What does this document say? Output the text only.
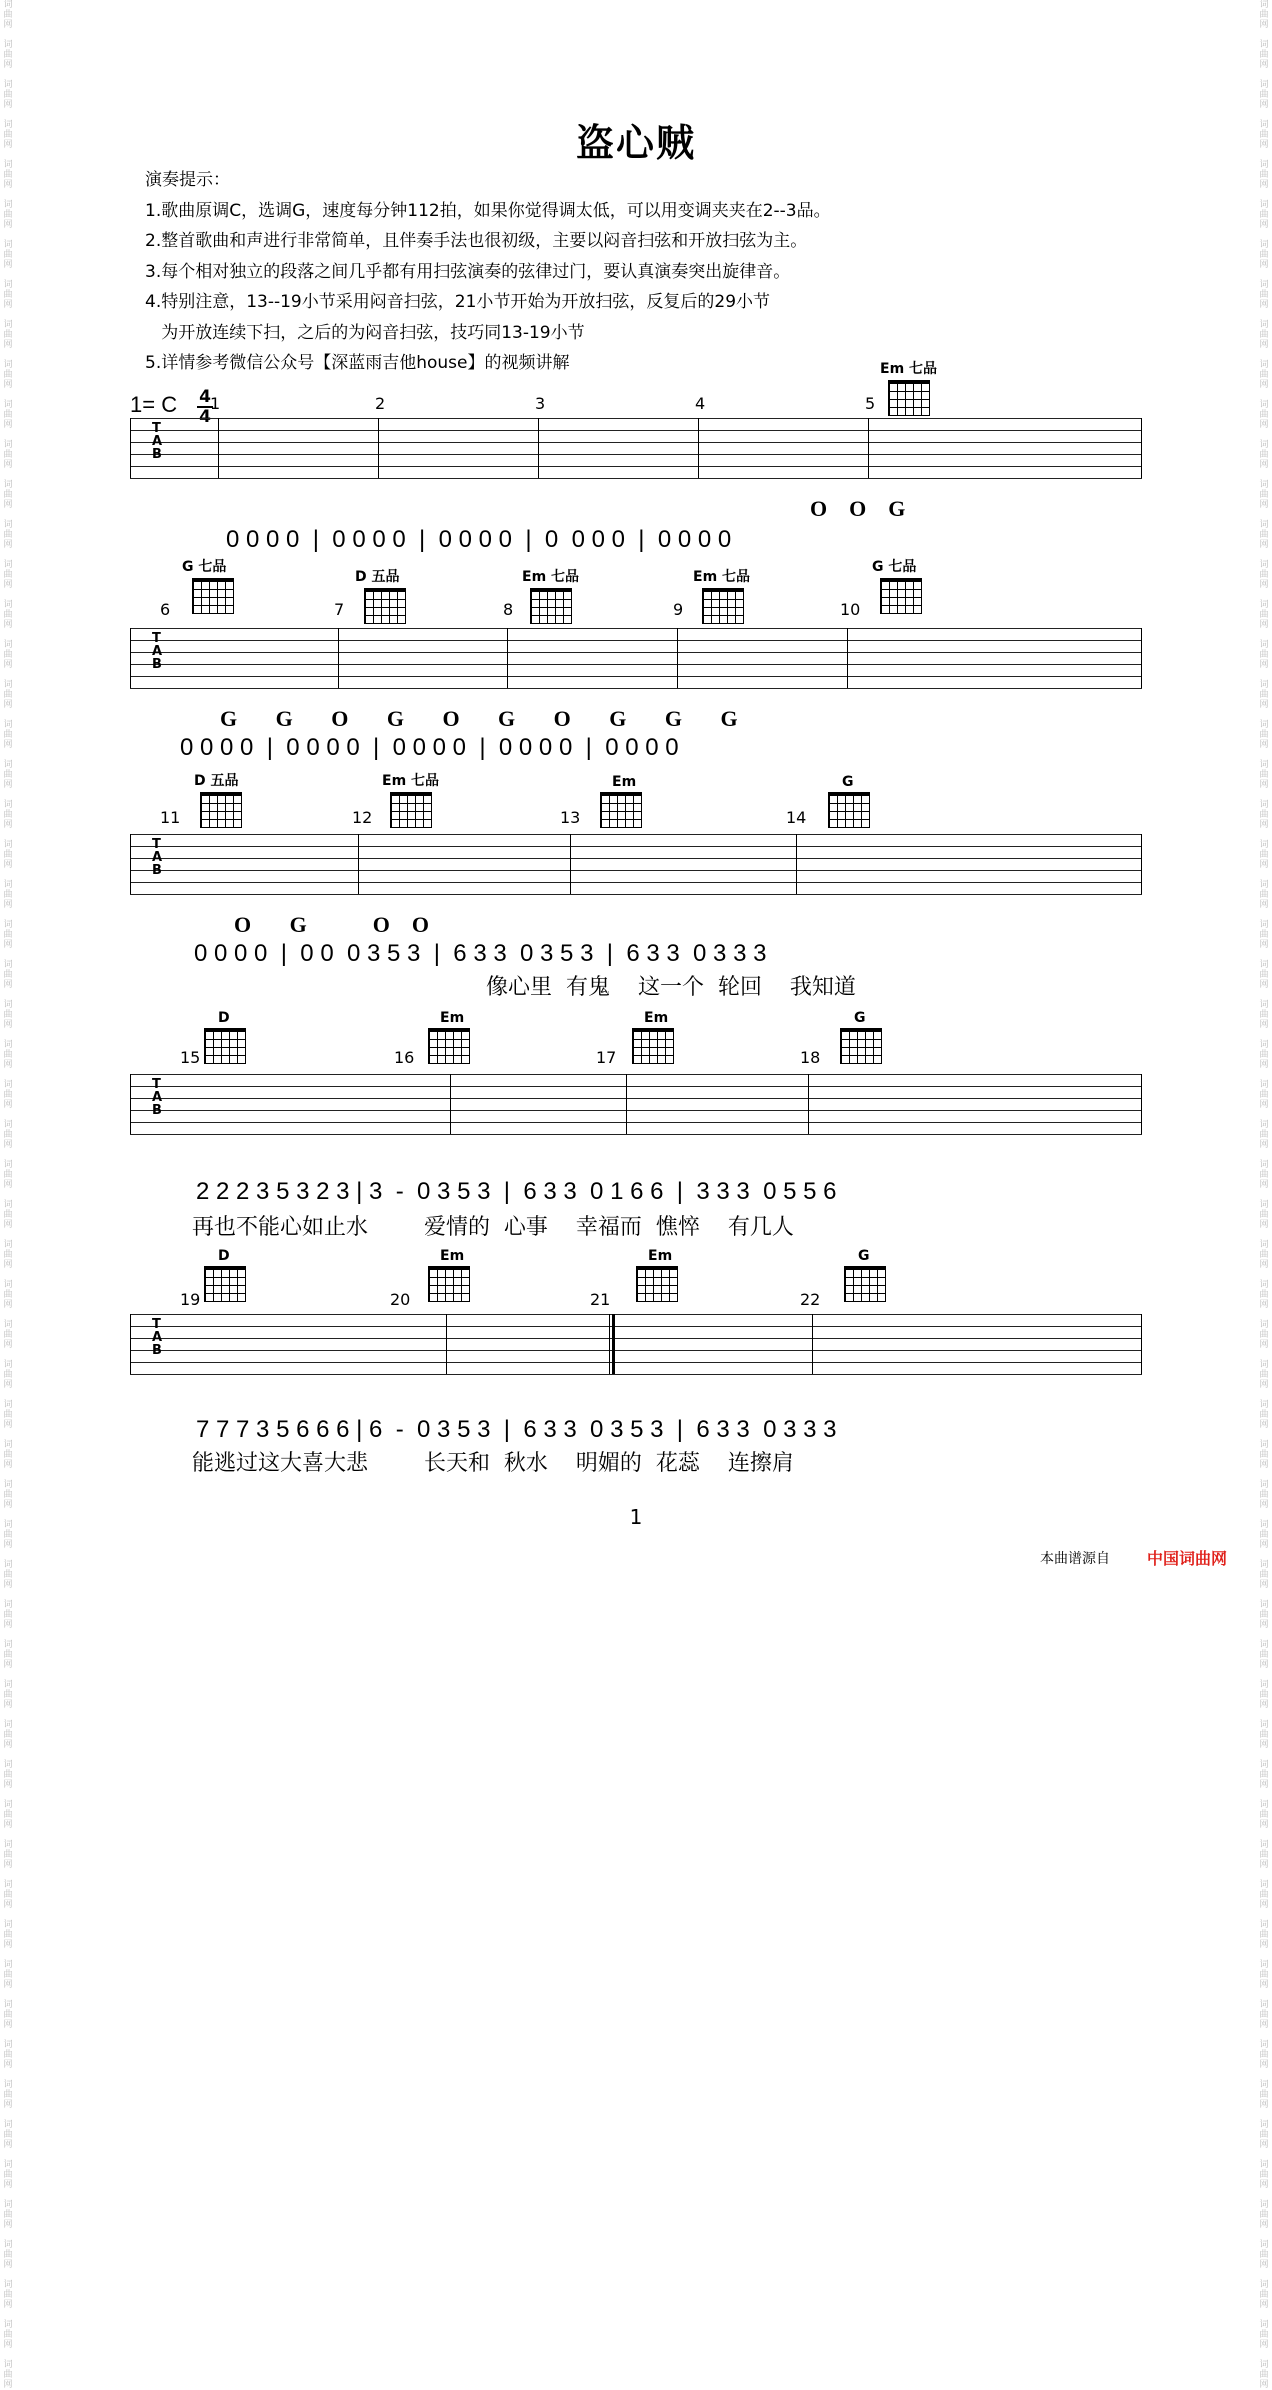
词
曲
网

词
曲
网

词
曲
网

词
曲
网

词
曲
网

词
曲
网

词
曲
网

词
曲
网

词
曲
网

词
曲
网

词
曲
网

词
曲
网

词
曲
网

词
曲
网

词
曲
网

词
曲
网

词
曲
网

词
曲
网

词
曲
网

词
曲
网

词
曲
网

词
曲
网

词
曲
网

词
曲
网

词
曲
网

词
曲
网

词
曲
网

词
曲
网

词
曲
网

词
曲
网

词
曲
网

词
曲
网

词
曲
网

词
曲
网

词
曲
网

词
曲
网

词
曲
网

词
曲
网

词
曲
网

词
曲
网

词
曲
网

词
曲
网

词
曲
网

词
曲
网

词
曲
网

词
曲
网

词
曲
网

词
曲
网

词
曲
网

词
曲
网

词
曲
网

词
曲
网

词
曲
网

词
曲
网

词
曲
网

词
曲
网

词
曲
网

词
曲
网

词
曲
网

词
曲
网

词
曲
网

词
曲
网

词
曲
网

词
曲
网

词
曲
网

词
曲
网

词
曲
网

词
曲
网

词
曲
网

词
曲
网

词
曲
网

词
曲
网

词
曲
网

词
曲
网

词
曲
网

词
曲
网

词
曲
网

词
曲
网

词
曲
网

词
曲
网

词
曲
网

词
曲
网

词
曲
网

词
曲
网

词
曲
网

词
曲
网

词
曲
网

词
曲
网

词
曲
网

词
曲
网

词
曲
网

词
曲
网

词
曲
网

词
曲
网

词
曲
网

词
曲
网

词
曲
网

词
曲
网

词
曲
网

词
曲
网

词
曲
网

词
曲
网

词
曲
网

词
曲
网

词
曲
网

词
曲
网

词
曲
网

词
曲
网

词
曲
网

词
曲
网

词
曲
网

词
曲
网

词
曲
网

词
曲
网

词
曲
网

词
曲
网

词
曲
网

词
曲
网

词
曲
网

词
曲
网

盗心贼
演奏提示：
1.歌曲原调C，选调G，速度每分钟112拍，如果你觉得调太低，可以用变调夹夹在2--3品。
2.整首歌曲和声进行非常简单，且伴奏手法也很初级，主要以闷音扫弦和开放扫弦为主。
3.每个相对独立的段落之间几乎都有用扫弦演奏的弦律过门，要认真演奏突出旋律音。
4.特别注意，13--19小节采用闷音扫弦，21小节开始为开放扫弦，反复后的29小节
为开放连续下扫，之后的为闷音扫弦，技巧同13-19小节
5.详情参考微信公众号【深蓝雨吉他house】的视频讲解
1= C 4
4
Em 七品
1	2	3	4	5
T
A
B
O    O    G
0 0 0 0  |  0 0 0 0  |  0 0 0 0  |  0  0 0 0  |  0 0 0 0
G 七品
D 五品	Em 七品	Em 七品
G 七品
6	7	8	9	10
T
A
B
G       G       O       G       O       G       O       G       G       G
0 0 0 0  |  0 0 0 0  |  0 0 0 0  |  0 0 0 0  |  0 0 0 0
D 五品	Em 七品	Em	G
11	12	13	14
T
A
B
O       G            O    O
0 0 0 0  |  0 0  0 3 5 3  |  6 3 3  0 3 5 3  |  6 3 3  0 3 3 3
像心里  有鬼    这一个  轮回    我知道
D	Em	Em	G
15	16	17	18
T
A
B
2 2 2 3 5 3 2 3 | 3  -  0 3 5 3  |  6 3 3  0 1 6 6  |  3 3 3  0 5 5 6
再也不能心如止水        爱情的  心事    幸福而  憔悴    有几人
D	Em	Em	G
19	20	21	22
T
A
B
7 7 7 3 5 6 6 6 | 6  -  0 3 5 3  |  6 3 3  0 3 5 3  |  6 3 3  0 3 3 3
能逃过这大喜大悲        长天和  秋水    明媚的  花蕊    连擦肩
1
本曲谱源自 中国词曲网
